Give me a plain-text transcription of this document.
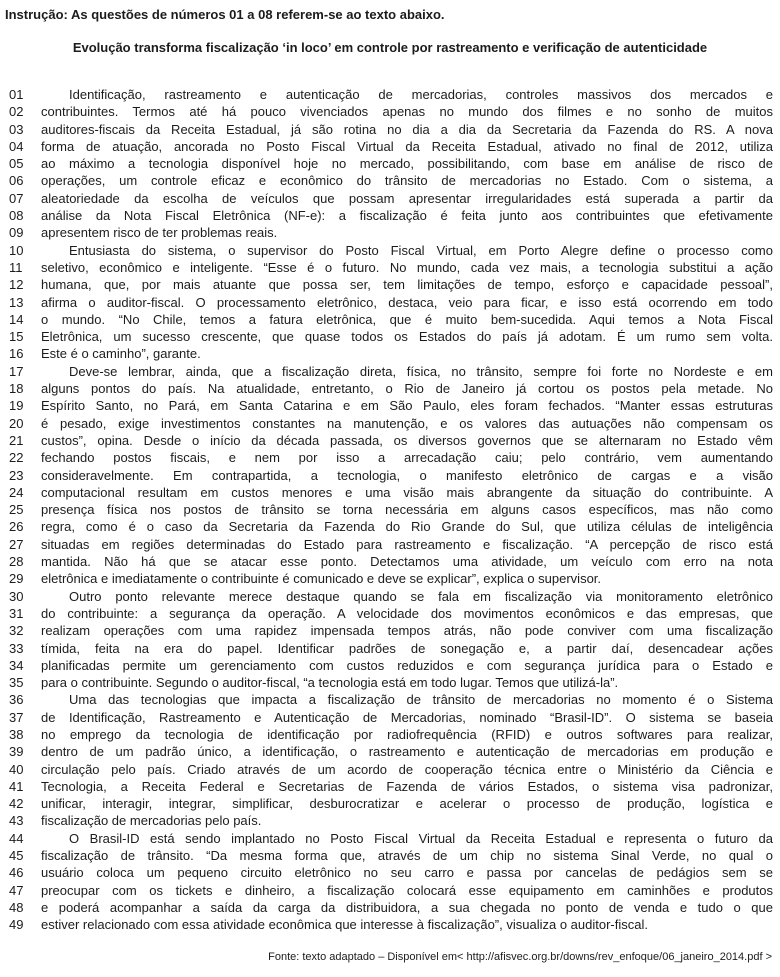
Instrução: As questões de números 01 a 08 referem-se ao texto abaixo.
Evolução transforma fiscalização ‘in loco’ em controle por rastreamento e verificação de autenticidade
01	Identificação, rastreamento e autenticação de mercadorias, controles massivos dos mercados e
02	contribuintes. Termos até há pouco vivenciados apenas no mundo dos filmes e no sonho de muitos
03	auditores-fiscais da Receita Estadual, já são rotina no dia a dia da Secretaria da Fazenda do RS. A nova
04	forma de atuação, ancorada no Posto Fiscal Virtual da Receita Estadual, ativado no final de 2012, utiliza
05	ao máximo a tecnologia disponível hoje no mercado, possibilitando, com base em análise de risco de
06	operações, um controle eficaz e econômico do trânsito de mercadorias no Estado. Com o sistema, a
07	aleatoriedade da escolha de veículos que possam apresentar irregularidades está superada a partir da
08	análise da Nota Fiscal Eletrônica (NF-e): a fiscalização é feita junto aos contribuintes que efetivamente
09	apresentem risco de ter problemas reais.
10	Entusiasta do sistema, o supervisor do Posto Fiscal Virtual, em Porto Alegre define o processo como
11	seletivo, econômico e inteligente. “Esse é o futuro. No mundo, cada vez mais, a tecnologia substitui a ação
12	humana, que, por mais atuante que possa ser, tem limitações de tempo, esforço e capacidade pessoal”,
13	afirma o auditor-fiscal. O processamento eletrônico, destaca, veio para ficar, e isso está ocorrendo em todo
14	o mundo. “No Chile, temos a fatura eletrônica, que é muito bem-sucedida. Aqui temos a Nota Fiscal
15	Eletrônica, um sucesso crescente, que quase todos os Estados do país já adotam. É um rumo sem volta.
16	Este é o caminho”, garante.
17	Deve-se lembrar, ainda, que a fiscalização direta, física, no trânsito, sempre foi forte no Nordeste e em
18	alguns pontos do país. Na atualidade, entretanto, o Rio de Janeiro já cortou os postos pela metade. No
19	Espírito Santo, no Pará, em Santa Catarina e em São Paulo, eles foram fechados. “Manter essas estruturas
20	é pesado, exige investimentos constantes na manutenção, e os valores das autuações não compensam os
21	custos”, opina. Desde o início da década passada, os diversos governos que se alternaram no Estado vêm
22	fechando postos fiscais, e nem por isso a arrecadação caiu; pelo contrário, vem aumentando
23	consideravelmente. Em contrapartida, a tecnologia, o manifesto eletrônico de cargas e a visão
24	computacional resultam em custos menores e uma visão mais abrangente da situação do contribuinte. A
25	presença física nos postos de trânsito se torna necessária em alguns casos específicos, mas não como
26	regra, como é o caso da Secretaria da Fazenda do Rio Grande do Sul, que utiliza células de inteligência
27	situadas em regiões determinadas do Estado para rastreamento e fiscalização. “A percepção de risco está
28	mantida. Não há que se atacar esse ponto. Detectamos uma atividade, um veículo com erro na nota
29	eletrônica e imediatamente o contribuinte é comunicado e deve se explicar”, explica o supervisor.
30	Outro ponto relevante merece destaque quando se fala em fiscalização via monitoramento eletrônico
31	do contribuinte: a segurança da operação. A velocidade dos movimentos econômicos e das empresas, que
32	realizam operações com uma rapidez impensada tempos atrás, não pode conviver com uma fiscalização
33	tímida, feita na era do papel. Identificar padrões de sonegação e, a partir daí, desencadear ações
34	planificadas permite um gerenciamento com custos reduzidos e com segurança jurídica para o Estado e
35	para o contribuinte. Segundo o auditor-fiscal, “a tecnologia está em todo lugar. Temos que utilizá-la”.
36	Uma das tecnologias que impacta a fiscalização de trânsito de mercadorias no momento é o Sistema
37	de Identificação, Rastreamento e Autenticação de Mercadorias, nominado “Brasil-ID”. O sistema se baseia
38	no emprego da tecnologia de identificação por radiofrequência (RFID) e outros softwares para realizar,
39	dentro de um padrão único, a identificação, o rastreamento e autenticação de mercadorias em produção e
40	circulação pelo país. Criado através de um acordo de cooperação técnica entre o Ministério da Ciência e
41	Tecnologia, a Receita Federal e Secretarias de Fazenda de vários Estados, o sistema visa padronizar,
42	unificar, interagir, integrar, simplificar, desburocratizar e acelerar o processo de produção, logística e
43	fiscalização de mercadorias pelo país.
44	O Brasil-ID está sendo implantado no Posto Fiscal Virtual da Receita Estadual e representa o futuro da
45	fiscalização de trânsito. “Da mesma forma que, através de um chip no sistema Sinal Verde, no qual o
46	usuário coloca um pequeno circuito eletrônico no seu carro e passa por cancelas de pedágios sem se
47	preocupar com os tickets e dinheiro, a fiscalização colocará esse equipamento em caminhões e produtos
48	e poderá acompanhar a saída da carga da distribuidora, a sua chegada no ponto de venda e tudo o que
49	estiver relacionado com essa atividade econômica que interesse à fiscalização”, visualiza o auditor-fiscal.
Fonte: texto adaptado – Disponível em< http://afisvec.org.br/downs/rev_enfoque/06_janeiro_2014.pdf >
